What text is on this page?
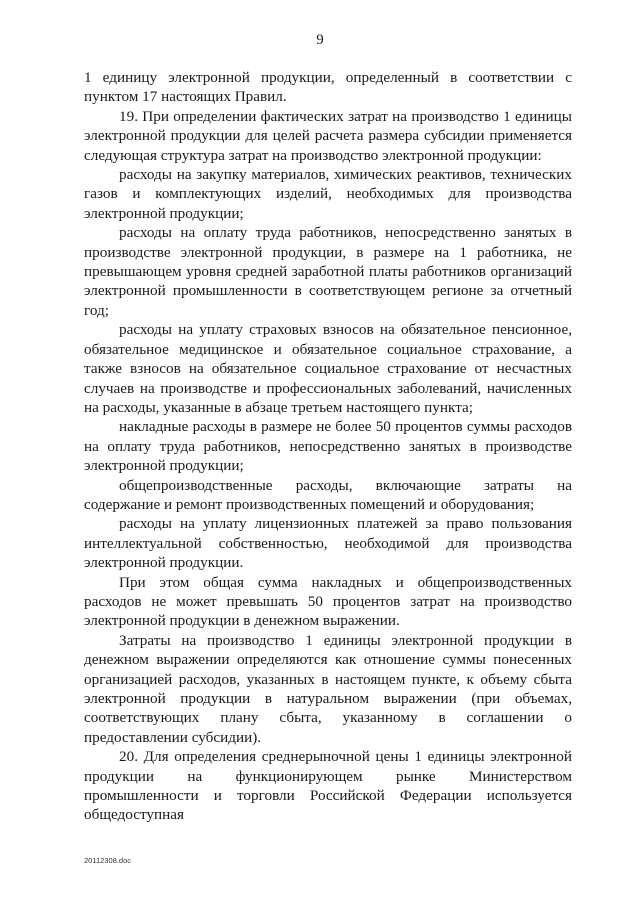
9

1 единицу электронной продукции, определенный в соответствии с пунктом 17 настоящих Правил.

19. При определении фактических затрат на производство 1 единицы электронной продукции для целей расчета размера субсидии применяется следующая структура затрат на производство электронной продукции:

расходы на закупку материалов, химических реактивов, технических газов и комплектующих изделий, необходимых для производства электронной продукции;

расходы на оплату труда работников, непосредственно занятых в производстве электронной продукции, в размере на 1 работника, не превышающем уровня средней заработной платы работников организаций электронной промышленности в соответствующем регионе за отчетный год;

расходы на уплату страховых взносов на обязательное пенсионное, обязательное медицинское и обязательное социальное страхование, а также взносов на обязательное социальное страхование от несчастных случаев на производстве и профессиональных заболеваний, начисленных на расходы, указанные в абзаце третьем настоящего пункта;

накладные расходы в размере не более 50 процентов суммы расходов на оплату труда работников, непосредственно занятых в производстве электронной продукции;

общепроизводственные расходы, включающие затраты на содержание и ремонт производственных помещений и оборудования;

расходы на уплату лицензионных платежей за право пользования интеллектуальной собственностью, необходимой для производства электронной продукции.

При этом общая сумма накладных и общепроизводственных расходов не может превышать 50 процентов затрат на производство электронной продукции в денежном выражении.

Затраты на производство 1 единицы электронной продукции в денежном выражении определяются как отношение суммы понесенных организацией расходов, указанных в настоящем пункте, к объему сбыта электронной продукции в натуральном выражении (при объемах, соответствующих плану сбыта, указанному в соглашении о предоставлении субсидии).

20. Для определения среднерыночной цены 1 единицы электронной продукции на функционирующем рынке Министерством промышленности и торговли Российской Федерации используется общедоступная

20112308.doc
